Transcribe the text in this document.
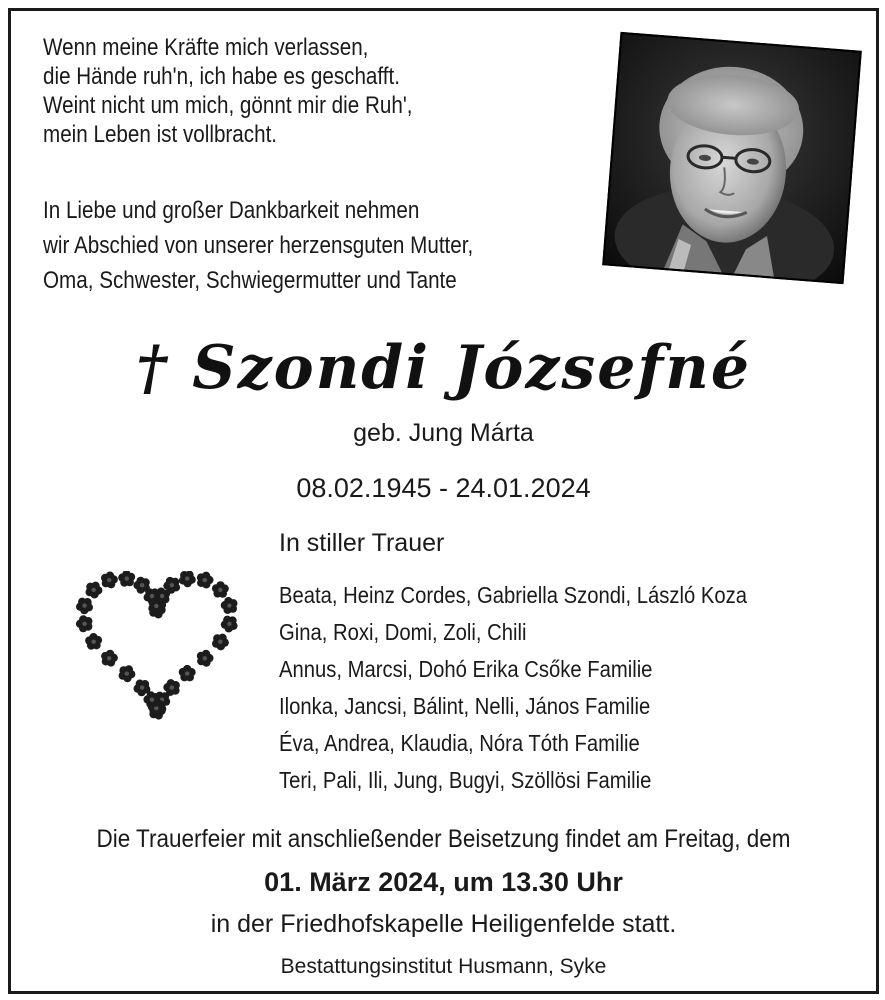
Wenn meine Kräfte mich verlassen,
die Hände ruh'n, ich habe es geschafft.
Weint nicht um mich, gönnt mir die Ruh',
mein Leben ist vollbracht.
In Liebe und großer Dankbarkeit nehmen
wir Abschied von unserer herzensguten Mutter,
Oma, Schwester, Schwiegermutter und Tante
† Szondi Józsefné
geb. Jung Márta
08.02.1945 - 24.01.2024
In stiller Trauer
Beata, Heinz Cordes, Gabriella Szondi, László Koza
Gina, Roxi, Domi, Zoli, Chili
Annus, Marcsi, Dohó Erika Csőke Familie
Ilonka, Jancsi, Bálint, Nelli, János Familie
Éva, Andrea, Klaudia, Nóra Tóth Familie
Teri, Pali, Ili, Jung, Bugyi, Szöllösi Familie
Die Trauerfeier mit anschließender Beisetzung findet am Freitag, dem
01. März 2024, um 13.30 Uhr
in der Friedhofskapelle Heiligenfelde statt.
Bestattungsinstitut Husmann, Syke
